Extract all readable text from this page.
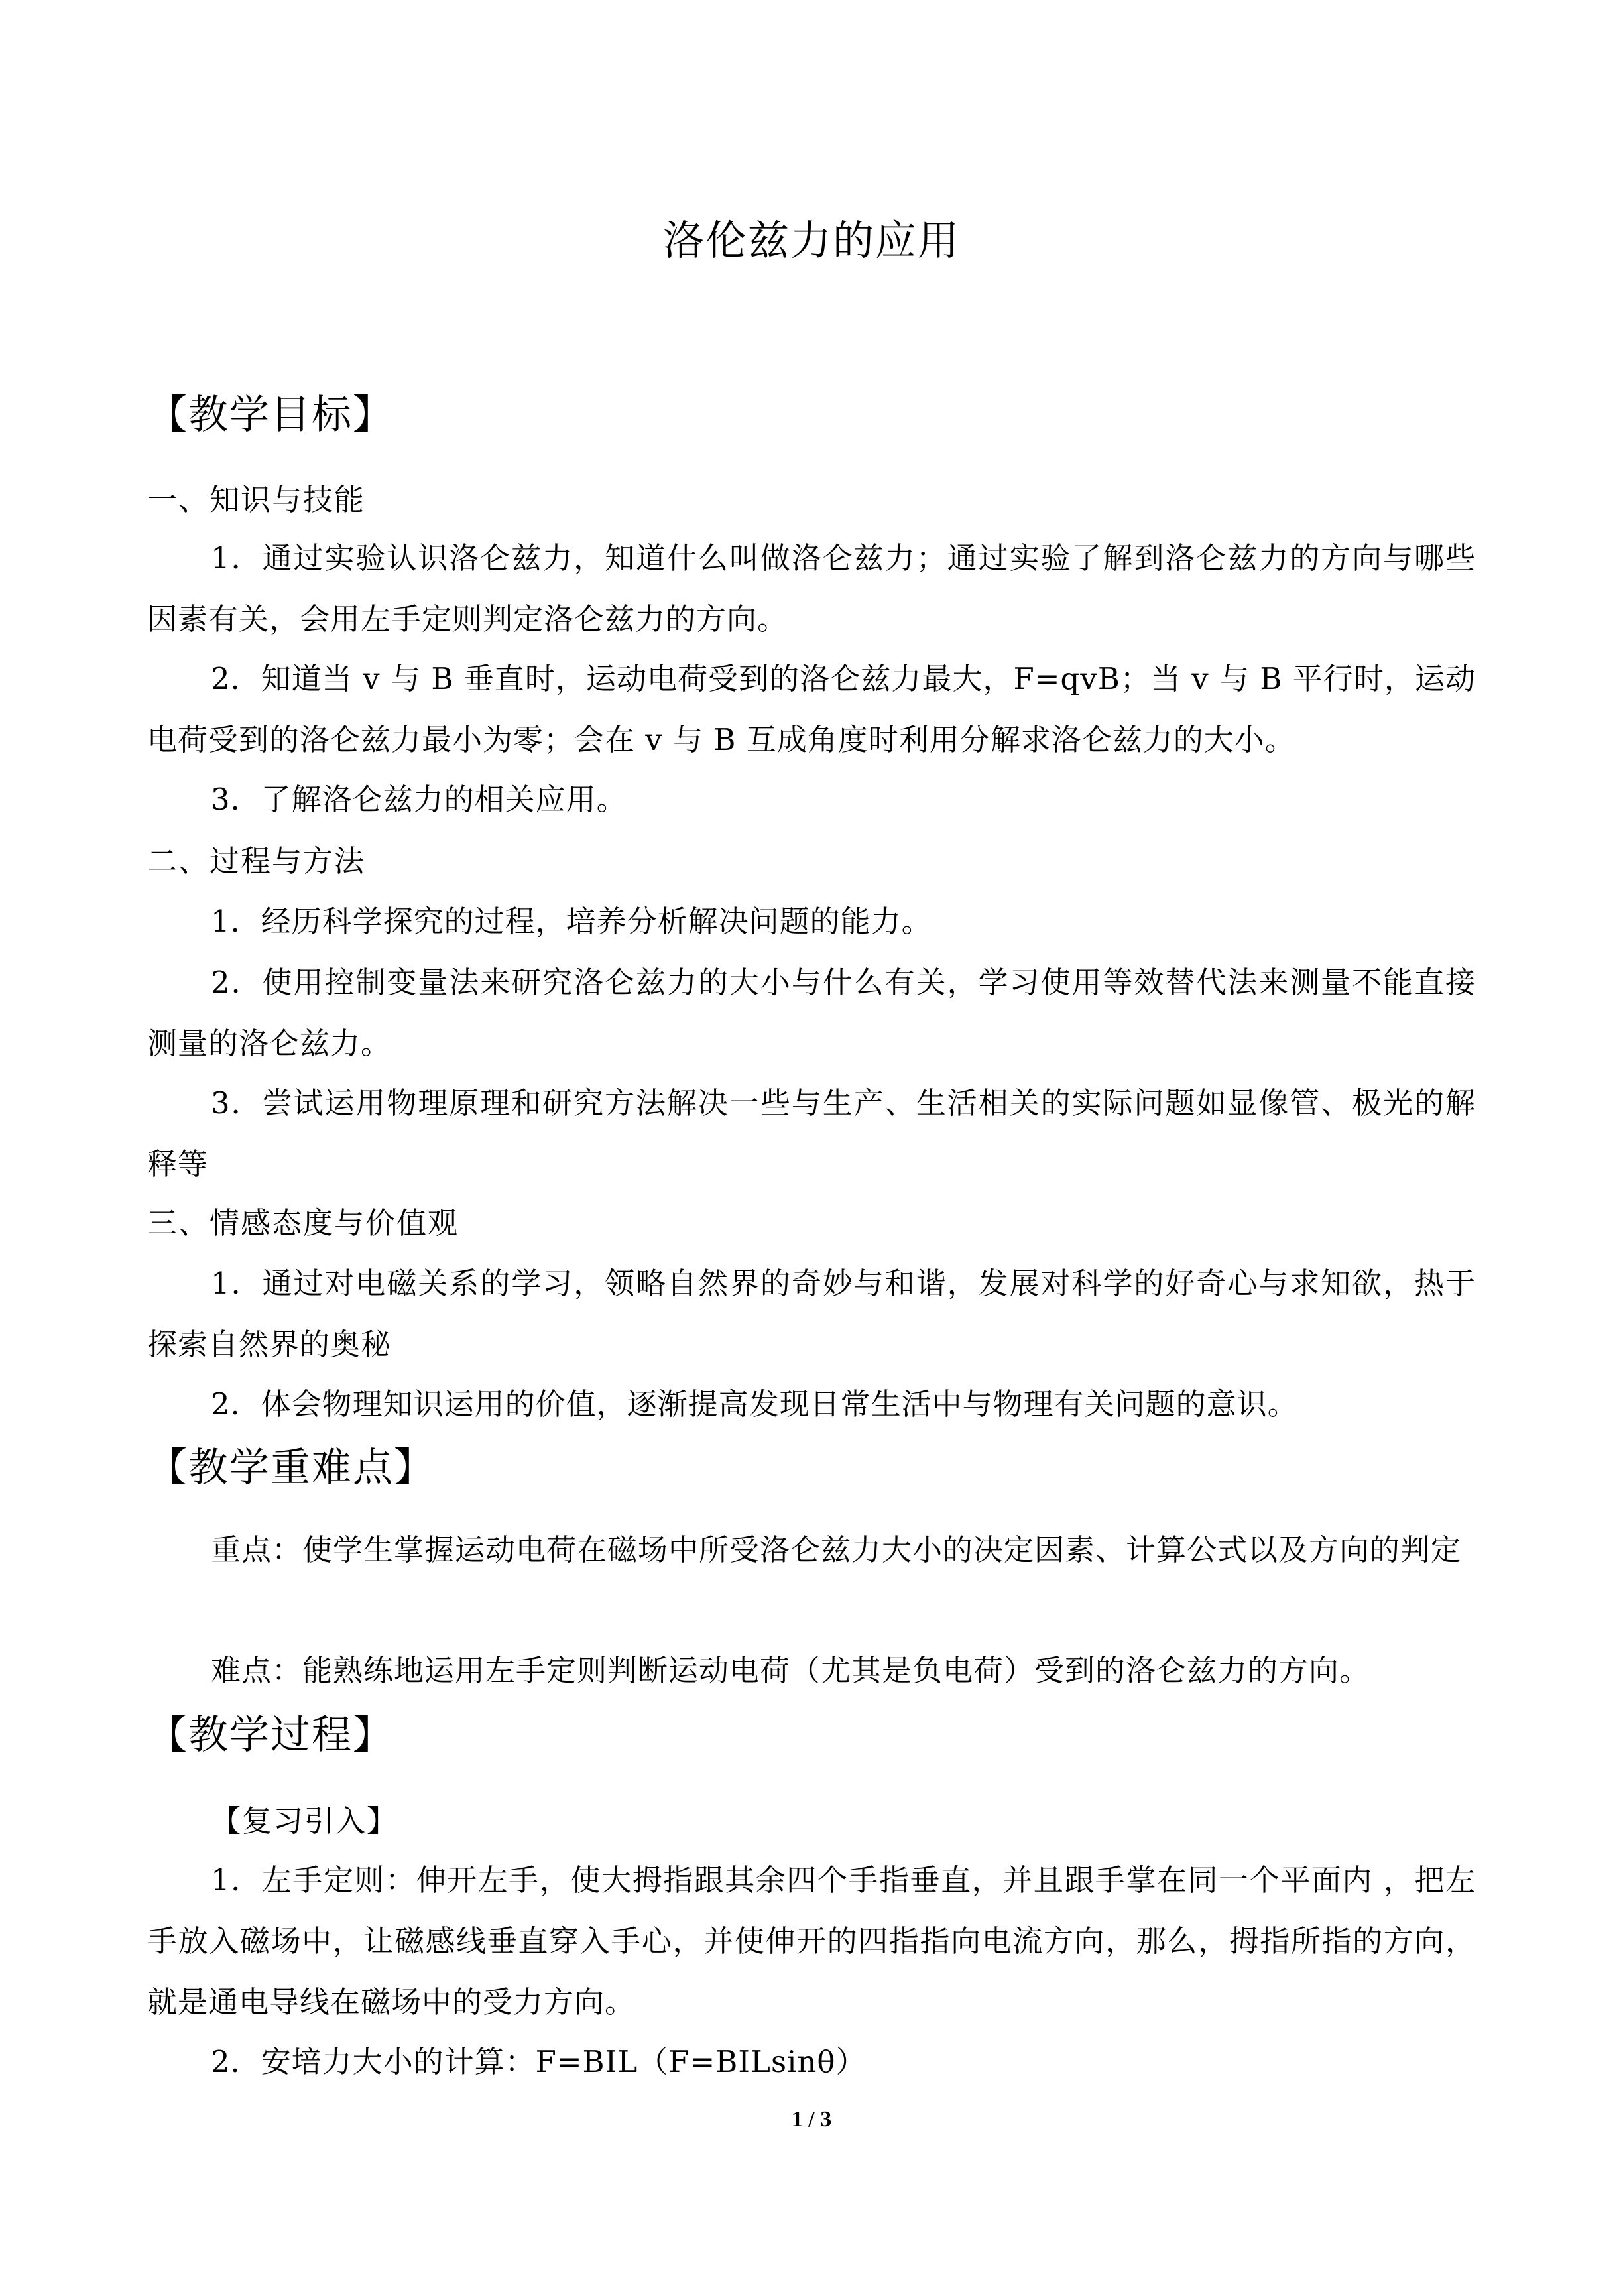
洛伦兹力的应用
【教学目标】
一、知识与技能
1．通过实验认识洛仑兹力，知道什么叫做洛仑兹力；通过实验了解到洛仑兹力的方向与哪些因素有关，会用左手定则判定洛仑兹力的方向。
2．知道当 v 与 B 垂直时，运动电荷受到的洛仑兹力最大，F=qvB；当 v 与 B 平行时，运动电荷受到的洛仑兹力最小为零；会在 v 与 B 互成角度时利用分解求洛仑兹力的大小。
3．了解洛仑兹力的相关应用。
二、过程与方法
1．经历科学探究的过程，培养分析解决问题的能力。
2．使用控制变量法来研究洛仑兹力的大小与什么有关，学习使用等效替代法来测量不能直接测量的洛仑兹力。
3．尝试运用物理原理和研究方法解决一些与生产、生活相关的实际问题如显像管、极光的解释等
三、情感态度与价值观
1．通过对电磁关系的学习，领略自然界的奇妙与和谐，发展对科学的好奇心与求知欲，热于探索自然界的奥秘
2．体会物理知识运用的价值，逐渐提高发现日常生活中与物理有关问题的意识。
【教学重难点】
重点：使学生掌握运动电荷在磁场中所受洛仑兹力大小的决定因素、计算公式以及方向的判定
难点：能熟练地运用左手定则判断运动电荷（尤其是负电荷）受到的洛仑兹力的方向。
【教学过程】
【复习引入】
1．左手定则：伸开左手，使大拇指跟其余四个手指垂直，并且跟手掌在同一个平面内 ，把左手放入磁场中，让磁感线垂直穿入手心，并使伸开的四指指向电流方向，那么，拇指所指的方向，就是通电导线在磁场中的受力方向。
2．安培力大小的计算：F=BIL（F=BILsinθ）
1 / 3
